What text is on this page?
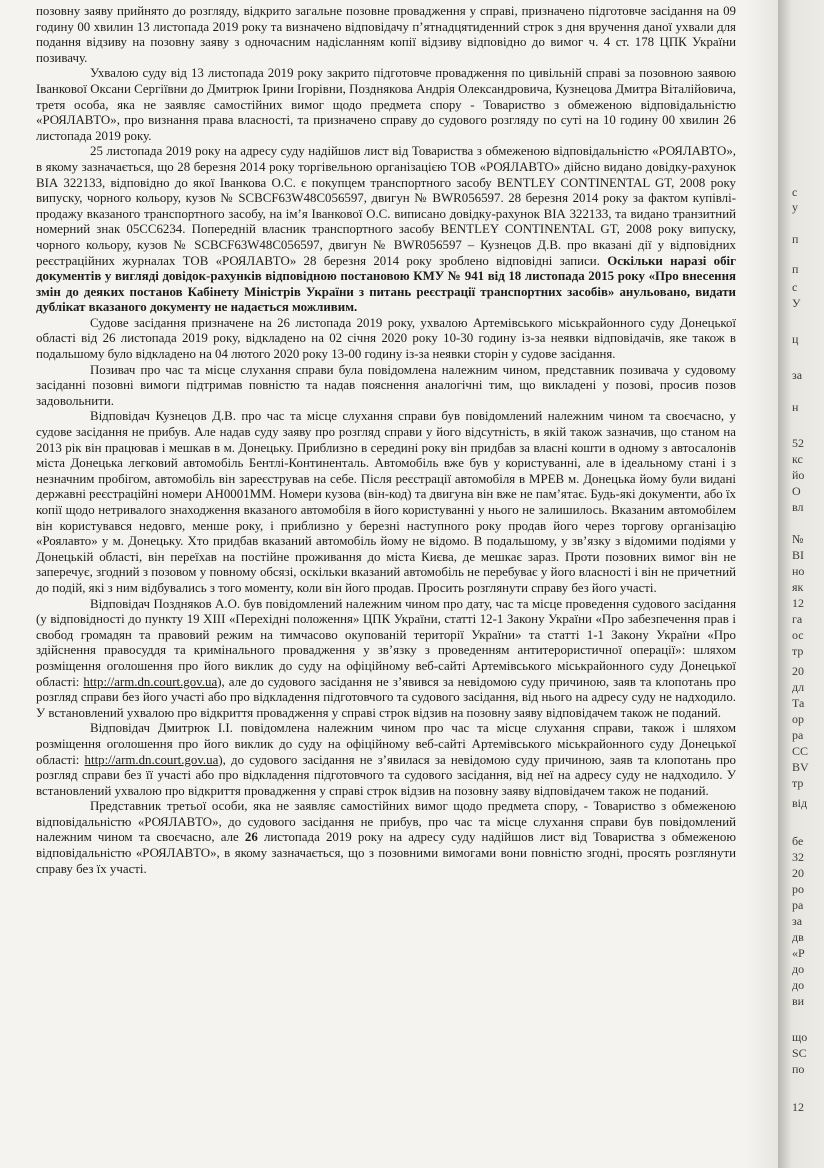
позовну заяву прийнято до розгляду, відкрито загальне позовне провадження у справі, призначено підготовче засідання на 09 годину 00 хвилин 13 листопада 2019 року та визначено відповідачу п’ятнадцятиденний строк з дня вручення даної ухвали для подання відзиву на позовну заяву з одночасним надісланням копії відзиву відповідно до вимог ч. 4 ст. 178 ЦПК України позивачу.

Ухвалою суду від 13 листопада 2019 року закрито підготовче провадження по цивільній справі за позовною заявою Іванкової Оксани Сергіївни до Дмитрюк Ірини Ігорівни, Позднякова Андрія Олександровича, Кузнецова Дмитра Віталійовича, третя особа, яка не заявляє самостійних вимог щодо предмета спору - Товариство з обмеженою відповідальністю «РОЯЛАВТО», про визнання права власності, та призначено справу до судового розгляду по суті на 10 годину 00 хвилин 26 листопада 2019 року.

25 листопада 2019 року на адресу суду надійшов лист від Товариства з обмеженою відповідальністю «РОЯЛАВТО», в якому зазначається, що 28 березня 2014 року торгівельною організацією ТОВ «РОЯЛАВТО» дійсно видано довідку-рахунок ВІА 322133, відповідно до якої Іванкова О.С. є покупцем транспортного засобу BENTLEY CONTINENTAL GT, 2008 року випуску, чорного кольору, кузов № SCBCF63W48C056597, двигун № BWR056597. 28 березня 2014 року за фактом купівлі-продажу вказаного транспортного засобу, на ім’я Іванкової О.С. виписано довідку-рахунок ВІА 322133, та видано транзитний номерний знак 05СС6234. Попередній власник транспортного засобу BENTLEY CONTINENTAL GT, 2008 року випуску, чорного кольору, кузов № SCBCF63W48C056597, двигун № BWR056597 – Кузнецов Д.В. про вказані дії у відповідних реєстраційних журналах ТОВ «РОЯЛАВТО» 28 березня 2014 року зроблено відповідні записи. Оскільки наразі обіг документів у вигляді довідок-рахунків відповідною постановою КМУ № 941 від 18 листопада 2015 року «Про внесення змін до деяких постанов Кабінету Міністрів України з питань реєстрації транспортних засобів» анульовано, видати дублікат вказаного документу не надається можливим.

Судове засідання призначене на 26 листопада 2019 року, ухвалою Артемівського міськрайонного суду Донецької області від 26 листопада 2019 року, відкладено на 02 січня 2020 року 10-30 годину із-за неявки відповідачів, яке також в подальшому було відкладено на 04 лютого 2020 року 13-00 годину із-за неявки сторін у судове засідання.

Позивач про час та місце слухання справи була повідомлена належним чином, представник позивача у судовому засіданні позовні вимоги підтримав повністю та надав пояснення аналогічні тим, що викладені у позові, просив позов задовольнити.

Відповідач Кузнецов Д.В. про час та місце слухання справи був повідомлений належним чином та своєчасно, у судове засідання не прибув. Але надав суду заяву про розгляд справи у його відсутність, в якій також зазначив, що станом на 2013 рік він працював і мешкав в м. Донецьку. Приблизно в середині року він придбав за власні кошти в одному з автосалонів міста Донецька легковий автомобіль Бентлі-Континенталь. Автомобіль вже був у користуванні, але в ідеальному стані і з незначним пробігом, автомобіль він зареєстрував на себе. Після реєстрації автомобіля в МРЕВ м. Донецька йому були видані державні реєстраційні номери АН0001ММ. Номери кузова (він-код) та двигуна він вже не пам’ятає. Будь-які документи, або їх копії щодо нетривалого знаходження вказаного автомобіля в його користуванні у нього не залишилось. Вказаним автомобілем він користувався недовго, менше року, і приблизно у березні наступного року продав його через торгову організацію «Роялавто» у м. Донецьку. Хто придбав вказаний автомобіль йому не відомо. В подальшому, у зв’язку з відомими подіями у Донецькій області, він переїхав на постійне проживання до міста Києва, де мешкає зараз. Проти позовних вимог він не заперечує, згодний з позовом у повному обсязі, оскільки вказаний автомобіль не перебуває у його власності і він не причетний до подій, які з ним відбувались з того моменту, коли він його продав. Просить розглянути справу без його участі.

Відповідач Поздняков А.О. був повідомлений належним чином про дату, час та місце проведення судового засідання (у відповідності до пункту 19 ХІІІ «Перехідні положення» ЦПК України, статті 12-1 Закону України «Про забезпечення прав і свобод громадян та правовий режим на тимчасово окупованій території України» та статті 1-1 Закону України «Про здійснення правосуддя та кримінального провадження у зв’язку з проведенням антитерористичної операції»: шляхом розміщення оголошення про його виклик до суду на офіційному веб-сайті Артемівського міськрайонного суду Донецької області: http://arm.dn.court.gov.ua), але до судового засідання не з’явився за невідомою суду причиною, заяв та клопотань про розгляд справи без його участі або про відкладення підготовчого та судового засідання, від нього на адресу суду не надходило. У встановлений ухвалою про відкриття провадження у справі строк відзив на позовну заяву відповідачем також не поданий.

Відповідач Дмитрюк І.І. повідомлена належним чином про час та місце слухання справи, також і шляхом розміщення оголошення про його виклик до суду на офіційному веб-сайті Артемівського міськрайонного суду Донецької області: http://arm.dn.court.gov.ua), до судового засідання не з’явилася за невідомою суду причиною, заяв та клопотань про розгляд справи без її участі або про відкладення підготовчого та судового засідання, від неї на адресу суду не надходило. У встановлений ухвалою про відкриття провадження у справі строк відзив на позовну заяву відповідачем також не поданий.

Представник третьої особи, яка не заявляє самостійних вимог щодо предмета спору, - Товариство з обмеженою відповідальністю «РОЯЛАВТО», до судового засідання не прибув, про час та місце слухання справи був повідомлений належним чином та своєчасно, але 26 листопада 2019 року на адресу суду надійшов лист від Товариства з обмеженою відповідальністю «РОЯЛАВТО», в якому зазначається, що з позовними вимогами вони повністю згодні, просять розглянути справу без їх участі.

с
у
п
п
с
У
ц
за
н
52
кс
йо
О
вл
№
ВІ
но
як
12
га
ос
тр
20
дл
Та
ор
ра
СС
BV
тр
від
бе
32
20
ро
ра
за
дв
«Р
до
до
ви
що
SC
по
12
